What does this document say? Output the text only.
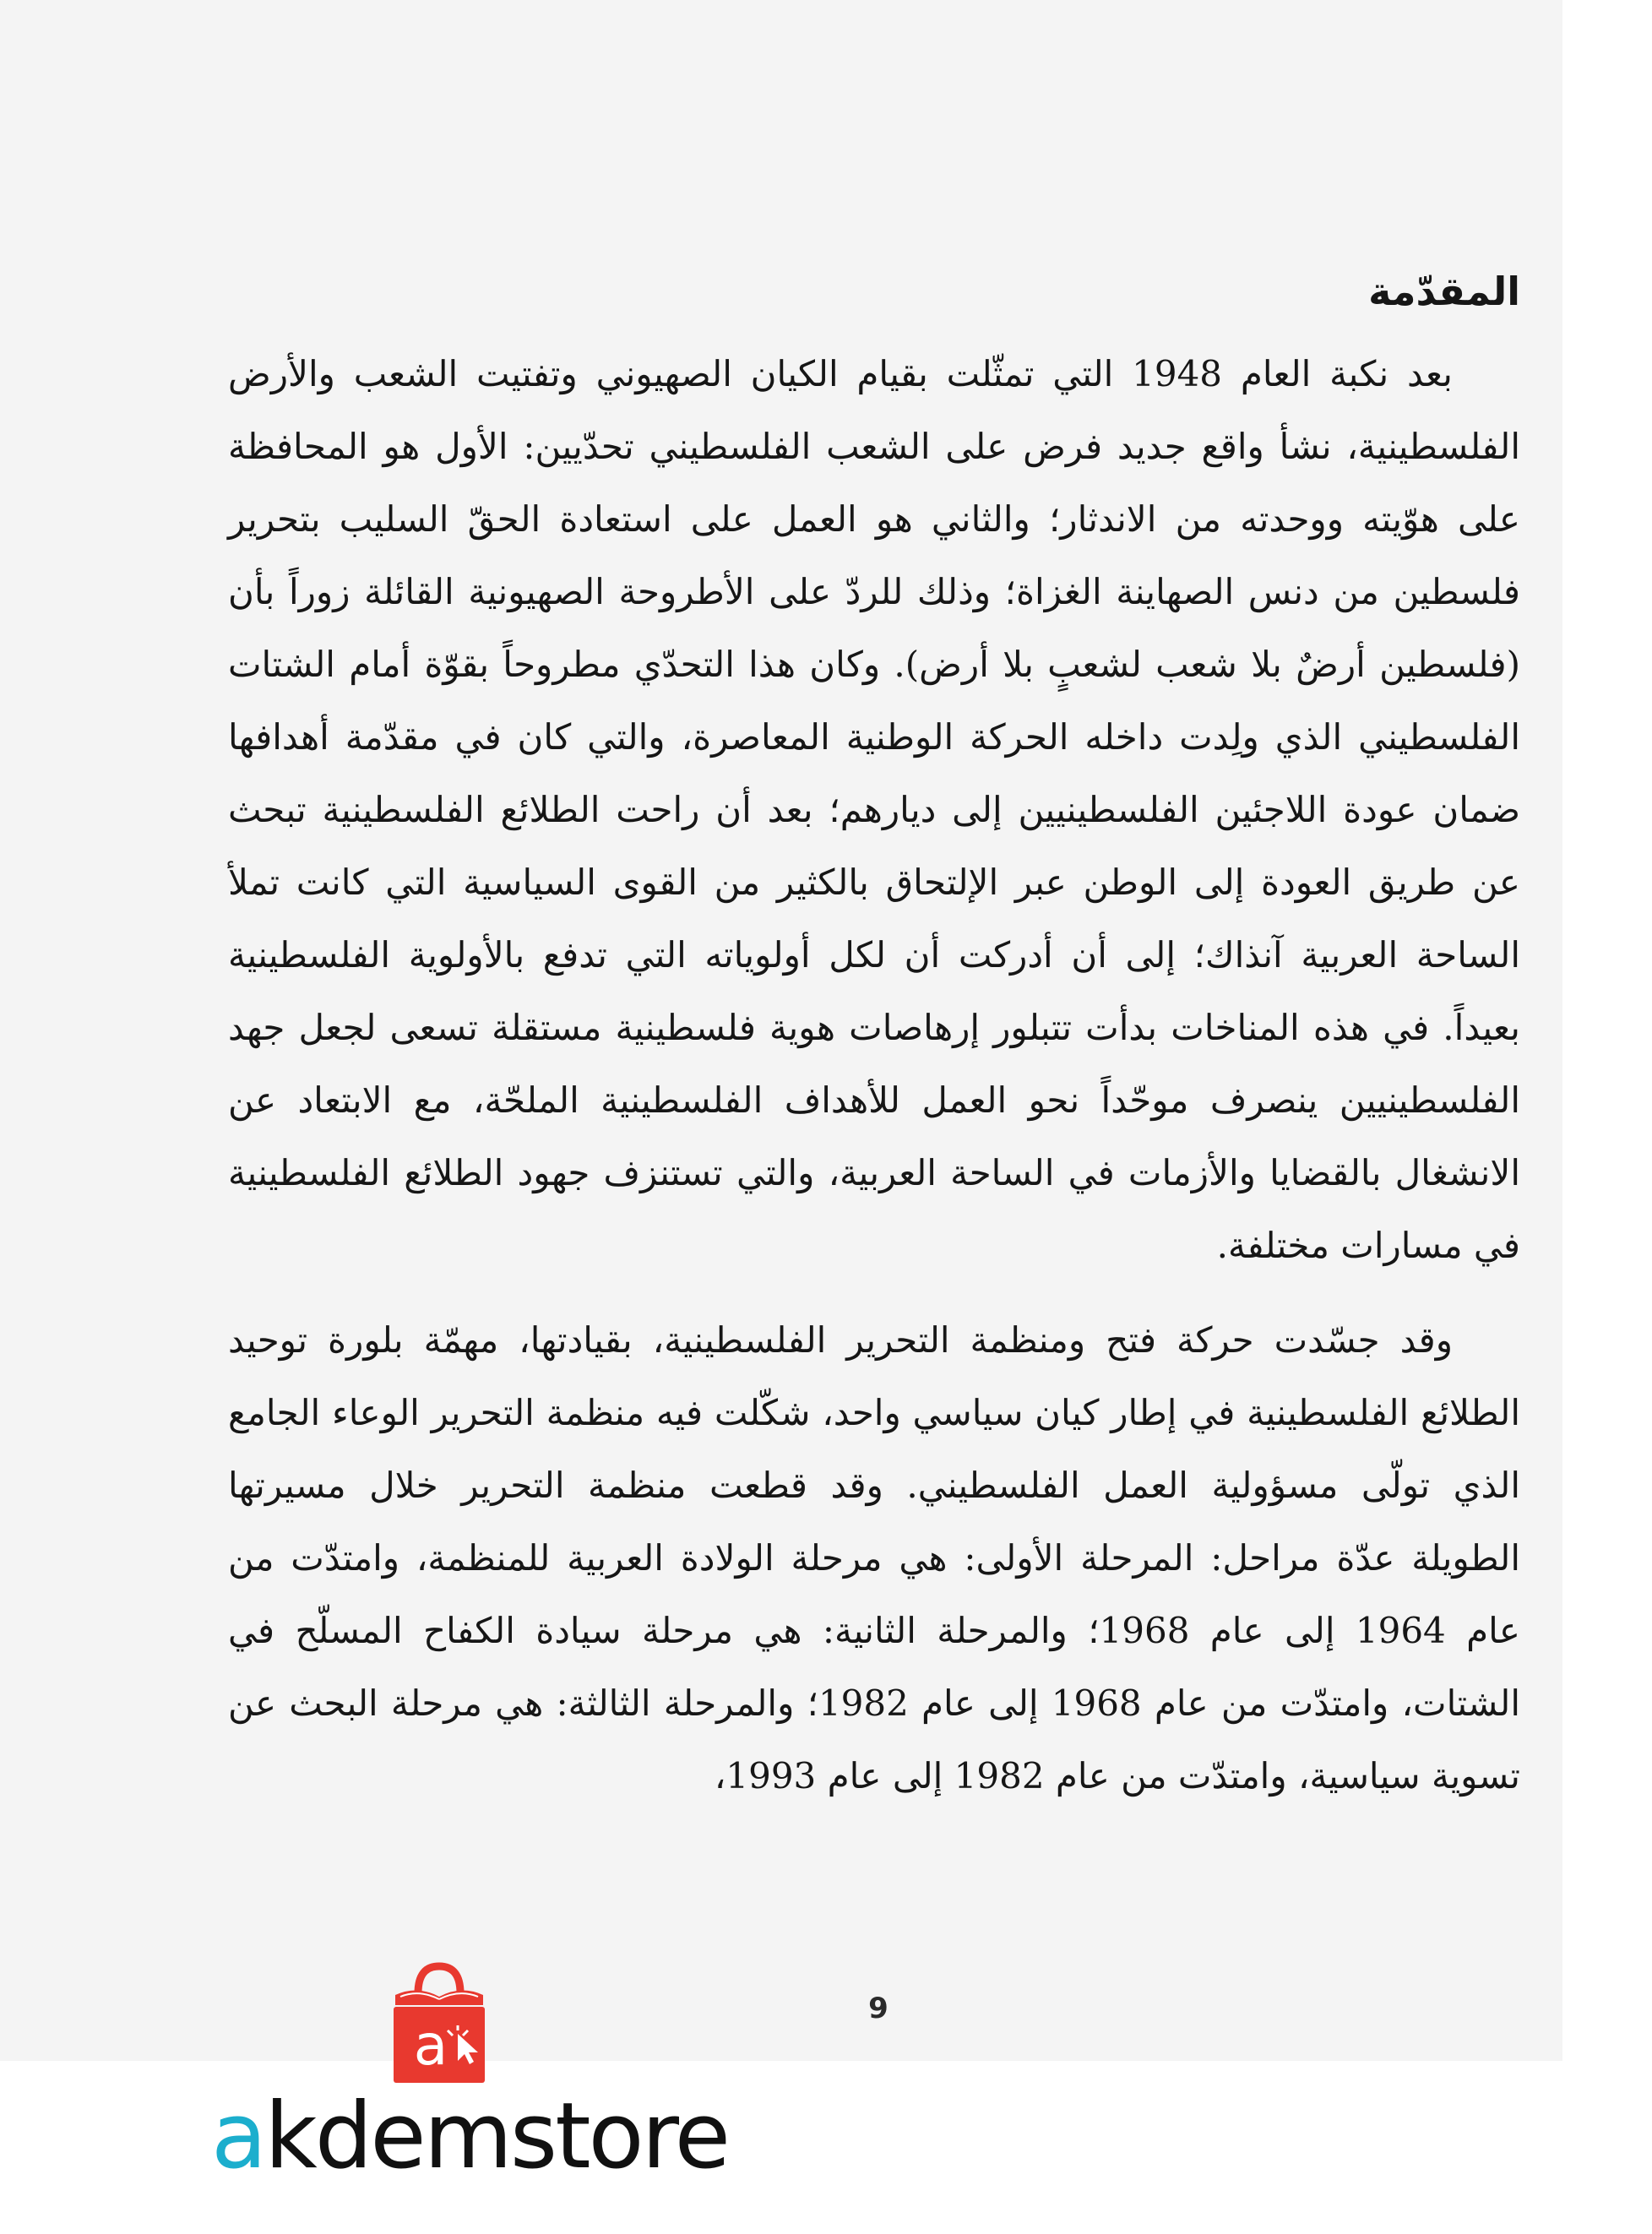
المقدّمة

بعد نكبة العام 1948 التي تمثّلت بقيام الكيان الصهيوني وتفتيت الشعب والأرض الفلسطينية، نشأ واقع جديد فرض على الشعب الفلسطيني تحدّيين: الأول هو المحافظة على هوّيته ووحدته من الاندثار؛ والثاني هو العمل على استعادة الحقّ السليب بتحرير فلسطين من دنس الصهاينة الغزاة؛ وذلك للردّ على الأطروحة الصهيونية القائلة زوراً بأن (فلسطين أرضٌ بلا شعب لشعبٍ بلا أرض). وكان هذا التحدّي مطروحاً بقوّة أمام الشتات الفلسطيني الذي ولِدت داخله الحركة الوطنية المعاصرة، والتي كان في مقدّمة أهدافها ضمان عودة اللاجئين الفلسطينيين إلى ديارهم؛ بعد أن راحت الطلائع الفلسطينية تبحث عن طريق العودة إلى الوطن عبر الإلتحاق بالكثير من القوى السياسية التي كانت تملأ الساحة العربية آنذاك؛ إلى أن أدركت أن لكل أولوياته التي تدفع بالأولوية الفلسطينية بعيداً. في هذه المناخات بدأت تتبلور إرهاصات هوية فلسطينية مستقلة تسعى لجعل جهد الفلسطينيين ينصرف موحّداً نحو العمل للأهداف الفلسطينية الملحّة، مع الابتعاد عن الانشغال بالقضايا والأزمات في الساحة العربية، والتي تستنزف جهود الطلائع الفلسطينية في مسارات مختلفة.

وقد جسّدت حركة فتح ومنظمة التحرير الفلسطينية، بقيادتها، مهمّة بلورة توحيد الطلائع الفلسطينية في إطار كيان سياسي واحد، شكّلت فيه منظمة التحرير الوعاء الجامع الذي تولّى مسؤولية العمل الفلسطيني. وقد قطعت منظمة التحرير خلال مسيرتها الطويلة عدّة مراحل: المرحلة الأولى: هي مرحلة الولادة العربية للمنظمة، وامتدّت من عام 1964 إلى عام 1968؛ والمرحلة الثانية: هي مرحلة سيادة الكفاح المسلّح في الشتات، وامتدّت من عام 1968 إلى عام 1982؛ والمرحلة الثالثة: هي مرحلة البحث عن تسوية سياسية، وامتدّت من عام 1982 إلى عام 1993،

9
a
akdemstore
